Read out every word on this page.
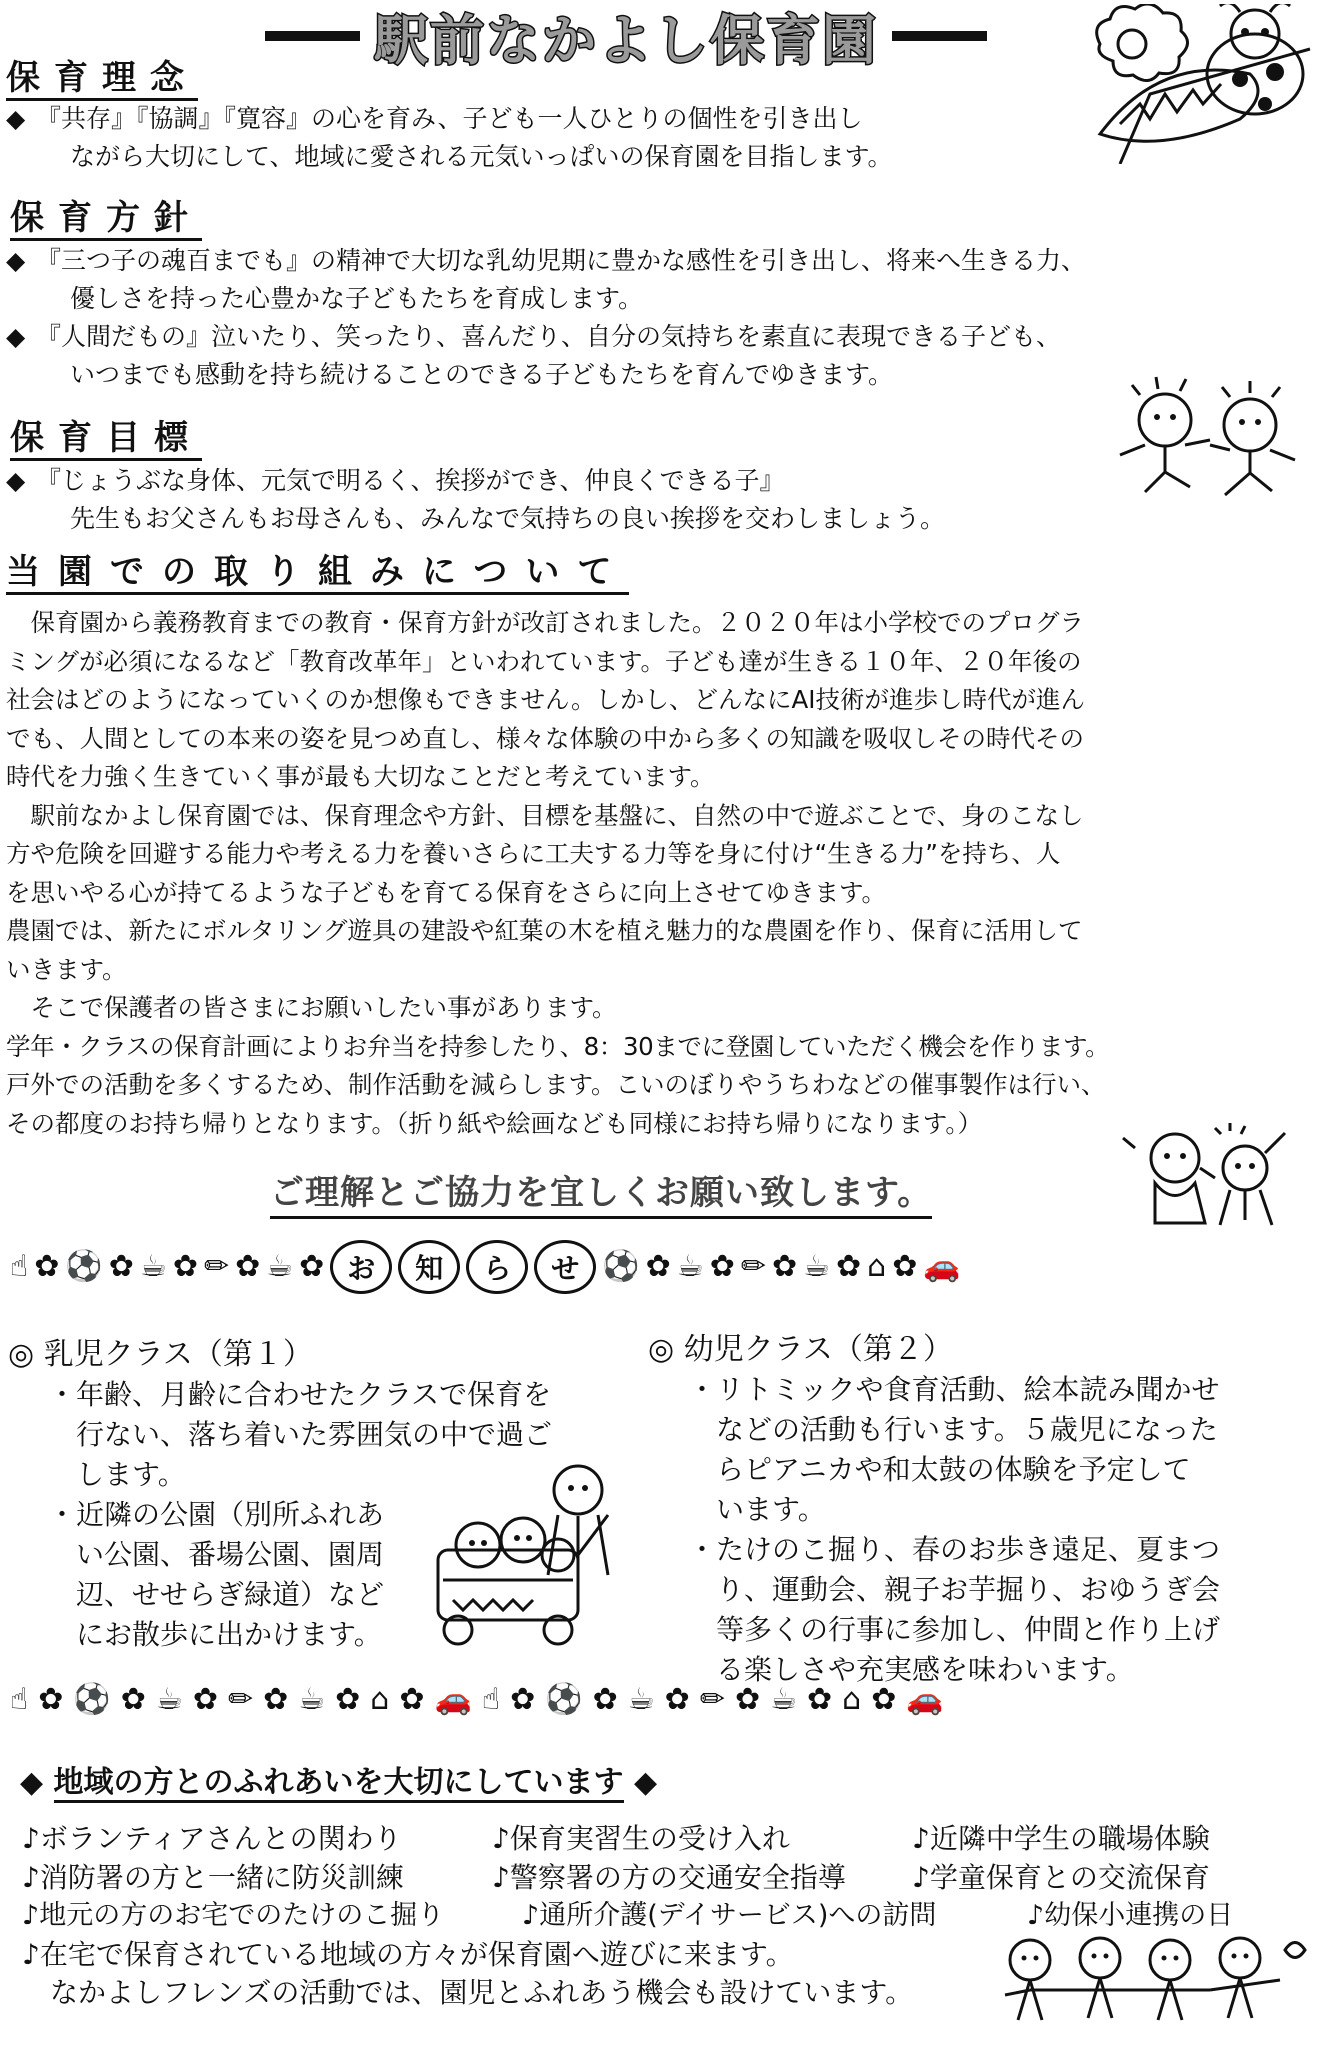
駅前なかよし保育園
保育理念
◆ 『共存』『協調』『寛容』の心を育み、子ども一人ひとりの個性を引き出し
ながら大切にして、地域に愛される元気いっぱいの保育園を目指します。
保育方針
◆ 『三つ子の魂百までも』の精神で大切な乳幼児期に豊かな感性を引き出し、将来へ生きる力、
優しさを持った心豊かな子どもたちを育成します。
◆ 『人間だもの』泣いたり、笑ったり、喜んだり、自分の気持ちを素直に表現できる子ども、
いつまでも感動を持ち続けることのできる子どもたちを育んでゆきます。
保育目標
◆ 『じょうぶな身体、元気で明るく、挨拶ができ、仲良くできる子』
先生もお父さんもお母さんも、みんなで気持ちの良い挨拶を交わしましょう。
当園での取り組みについて
　保育園から義務教育までの教育・保育方針が改訂されました。２０２０年は小学校でのプログラ
ミングが必須になるなど「教育改革年」といわれています。子ども達が生きる１０年、２０年後の
社会はどのようになっていくのか想像もできません。しかし、どんなにAI技術が進歩し時代が進ん
でも、人間としての本来の姿を見つめ直し、様々な体験の中から多くの知識を吸収しその時代その
時代を力強く生きていく事が最も大切なことだと考えています。
　駅前なかよし保育園では、保育理念や方針、目標を基盤に、自然の中で遊ぶことで、身のこなし
方や危険を回避する能力や考える力を養いさらに工夫する力等を身に付け“生きる力”を持ち、人
を思いやる心が持てるような子どもを育てる保育をさらに向上させてゆきます。
農園では、新たにボルタリング遊具の建設や紅葉の木を植え魅力的な農園を作り、保育に活用して
いきます。
　そこで保護者の皆さまにお願いしたい事があります。
学年・クラスの保育計画によりお弁当を持参したり、8：30までに登園していただく機会を作ります。
戸外での活動を多くするため、制作活動を減らします。こいのぼりやうちわなどの催事製作は行い、
その都度のお持ち帰りとなります。（折り紙や絵画なども同様にお持ち帰りになります。）
ご理解とご協力を宜しくお願い致します。
☝ ✿ ⚽ ✿ ☕ ✿ ✏ ✿ ☕ ✿ お	知	ら	せ ⚽ ✿ ☕ ✿ ✏ ✿ ☕ ✿ ⌂ ✿ 🚗
◎ 乳児クラス（第１）
・年齢、月齢に合わせたクラスで保育を
　行ない、落ち着いた雰囲気の中で過ご
　します。
・近隣の公園（別所ふれあ
　い公園、番場公園、園周
　辺、せせらぎ緑道）など
　にお散歩に出かけます。
◎ 幼児クラス（第２）
・リトミックや食育活動、絵本読み聞かせ
　などの活動も行います。５歳児になった
　らピアニカや和太鼓の体験を予定して
　います。
・たけのこ掘り、春のお歩き遠足、夏まつ
　り、運動会、親子お芋掘り、おゆうぎ会
　等多くの行事に参加し、仲間と作り上げ
　る楽しさや充実感を味わいます。
☝ ✿ ⚽ ✿ ☕ ✿ ✏ ✿ ☕ ✿ ⌂ ✿ 🚗 ☝ ✿ ⚽ ✿ ☕ ✿ ✏ ✿ ☕ ✿ ⌂ ✿ 🚗
◆ 地域の方とのふれあいを大切にしています ◆
♪ボランティアさんとの関わり	♪保育実習生の受け入れ	♪近隣中学生の職場体験
♪消防署の方と一緒に防災訓練	♪警察署の方の交通安全指導	♪学童保育との交流保育
♪地元の方のお宅でのたけのこ掘り	♪通所介護(デイサービス)への訪問	♪幼保小連携の日
♪在宅で保育されている地域の方々が保育園へ遊びに来ます。
　なかよしフレンズの活動では、園児とふれあう機会も設けています。
